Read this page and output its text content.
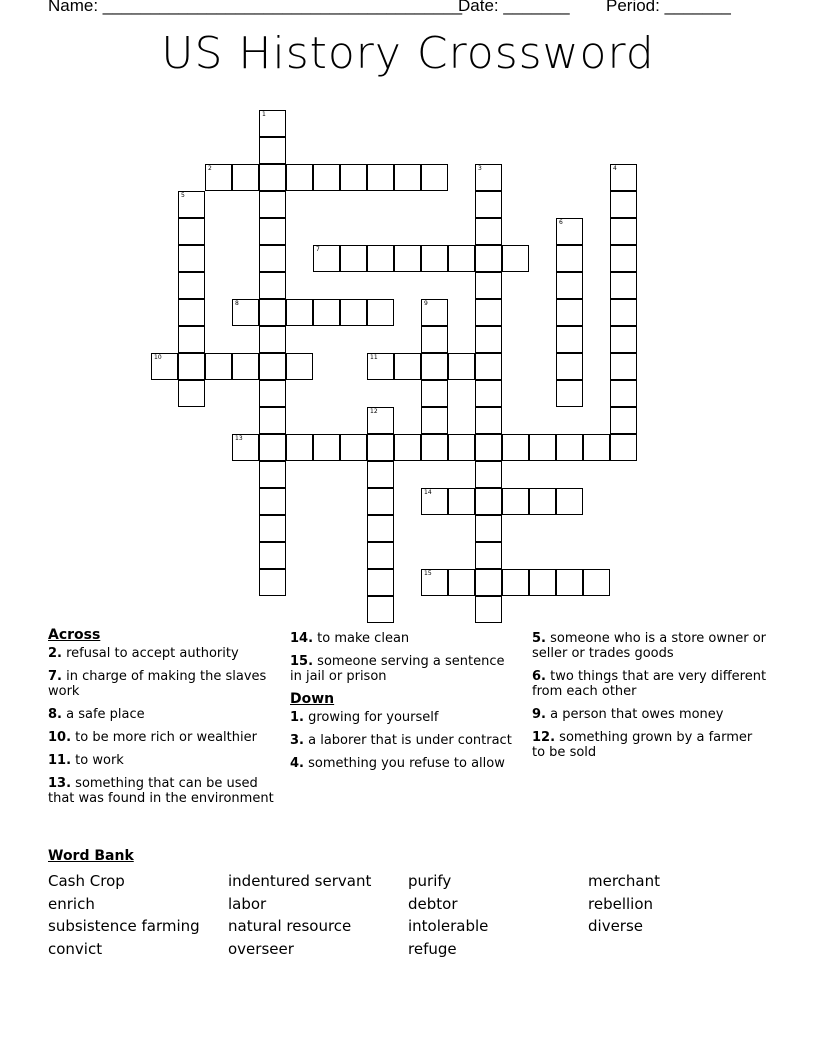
Name: ______________________________________
Date: _______ Period: _______
US History Crossword
1
2	3	4
5
6
7
8	9
10	11
12
13
14
15
Across
2. refusal to accept authority
7. in charge of making the slaves work
8. a safe place
10. to be more rich or wealthier
11. to work
13. something that can be used that was found in the environment
14. to make clean
15. someone serving a sentence in jail or prison
Down
1. growing for yourself
3. a laborer that is under contract
4. something you refuse to allow
5. someone who is a store owner or seller or trades goods
6. two things that are very different from each other
9. a person that owes money
12. something grown by a farmer to be sold
Word Bank
Cash Crop
enrich
subsistence farming
convict
indentured servant
labor
natural resource
overseer
purify
debtor
intolerable
refuge
merchant
rebellion
diverse
